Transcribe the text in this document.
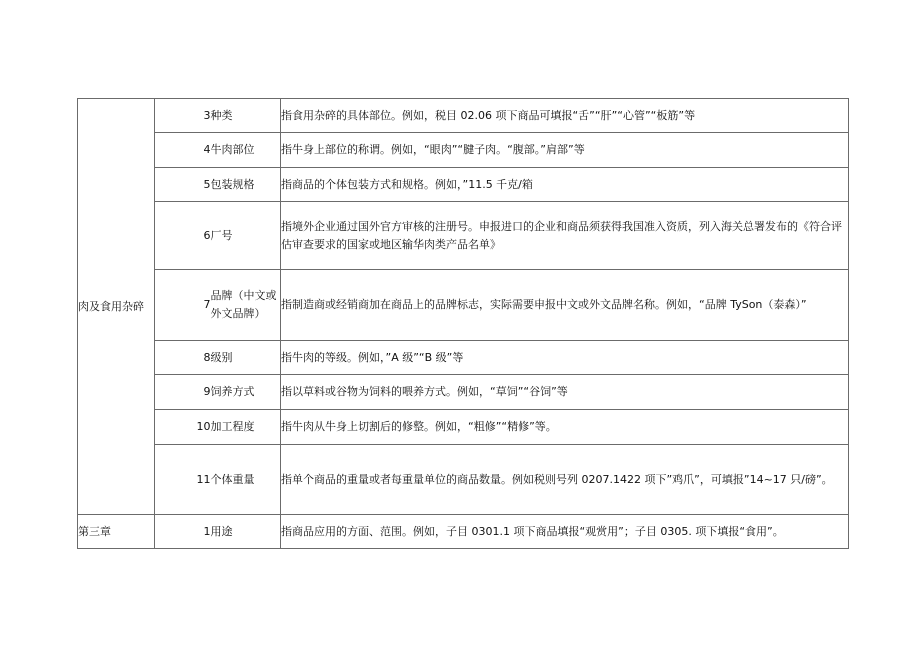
肉及食用杂碎	3	种类	指食用杂碎的具体部位。例如，税目 02.06 项下商品可填报“舌”“肝”“心管”“板筋”等
	4	牛肉部位	指牛身上部位的称谓。例如，“眼肉”“腱子肉。“腹部。”肩部”等
	5	包装规格	指商品的个体包装方式和规格。例如，”11.5 千克/箱
	6	厂号	指境外企业通过国外官方审核的注册号。申报进口的企业和商品须获得我国准入资质，列入海关总署发布的《符合评估审查要求的国家或地区输华肉类产品名单》
	7	品牌（中文或外文品牌）	指制造商或经销商加在商品上的品牌标志，实际需要申报中文或外文品牌名称。例如，“品牌 TySon（泰森）”
	8	级别	指牛肉的等级。例如，”A 级”“B 级”等
	9	饲养方式	指以草料或谷物为饲料的喂养方式。例如，“草饲”“谷饲”等
	10	加工程度	指牛肉从牛身上切割后的修整。例如，“粗修”“精修”等。
	11	个体重量	指单个商品的重量或者每重量单位的商品数量。例如税则号列 0207.1422 项下”鸡爪”，可填报”14~17 只/磅”。
第三章	1	用途	指商品应用的方面、范围。例如，子目 0301.1 项下商品填报“观赏用”；子目 0305. 项下填报“食用”。
